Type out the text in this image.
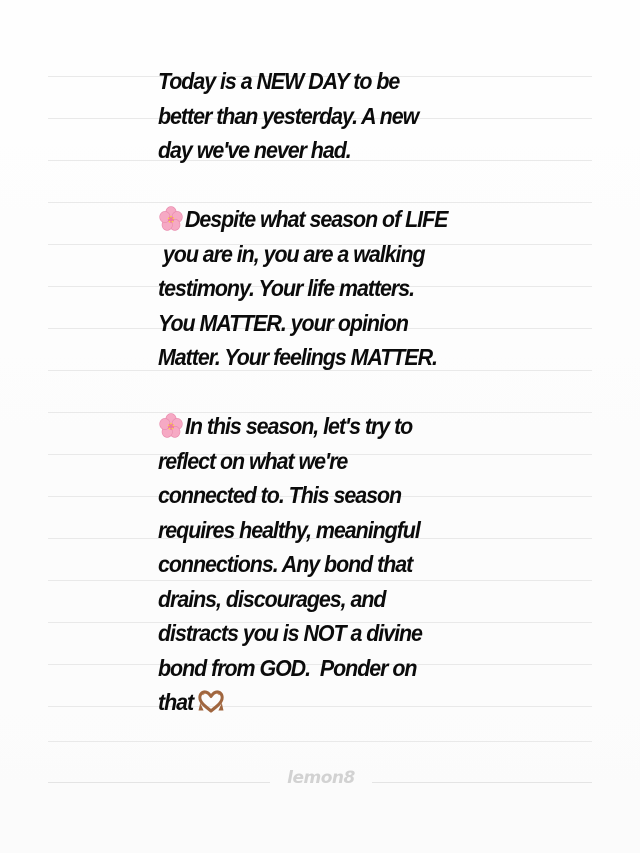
Today is a NEW DAY to be
better than yesterday. A new
day we've never had.
Despite what season of LIFE
you are in, you are a walking
testimony. Your life matters.
You MATTER. your opinion
Matter. Your feelings MATTER.
In this season, let's try to
reflect on what we're
connected to. This season
requires healthy, meaningful
connections. Any bond that
drains, discourages, and
distracts you is NOT a divine
bond from GOD.  Ponder on
that
lemon8
